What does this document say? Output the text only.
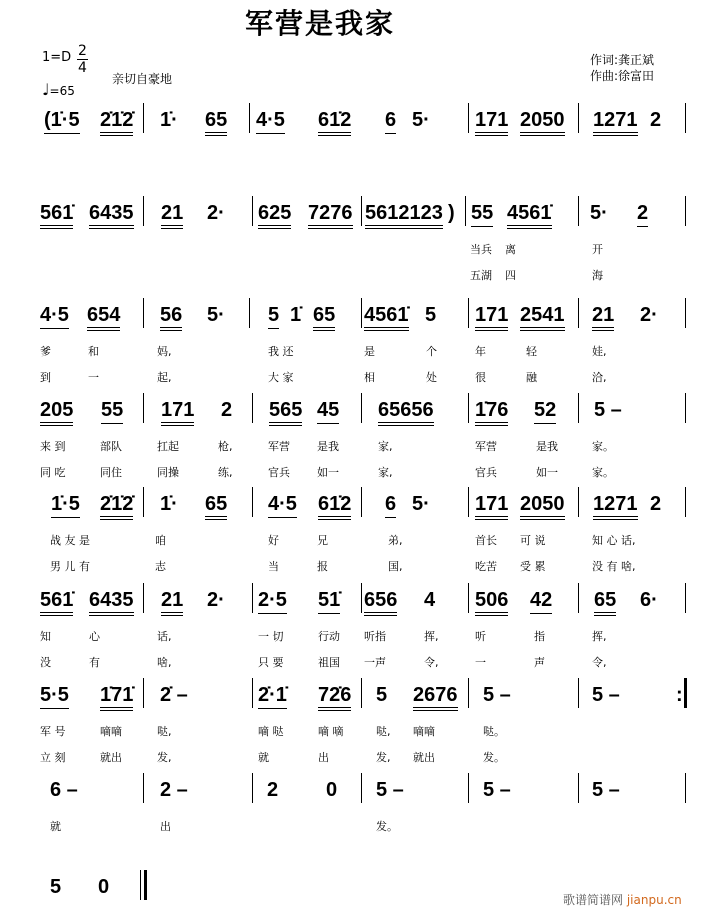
军营是我家
1=D 2
4
♩=65
亲切自豪地
作词:龚正斌
作曲:徐富田
(1̇·5 2̇1̇2̇ 1̇· 65 4·5 61̇2 6 5· 171 2050 1271 2
561̇ 6435 21 2· 625 7276 5612123 ) 55 4561̇ 5· 2
当兵 离	开
五湖 四	海
4·5 654 56 5· 5 1̇ 65 4561̇ 5 171 2541 21 2·
爹	和	妈,	我 还	是	个	年	轻	娃,
到	一	起,	大 家	相	处	很	融	洽,
205 55 171 2 565 45 65656 1̇76 52 5 –
来 到	部队	扛起	枪,	军营 是我	家,	军营	是我	家。
同 吃	同住	同操	练,	官兵 如一	家,	官兵	如一	家。
1̇·5 2̇1̇2̇ 1̇· 65 4·5 61̇2 6 5· 171 2050 1271 2
战 友 是	咱	好	兄	弟,	首长 可 说	知 心 话,
男 儿 有	志	当	报	国,	吃苦 受 累	没 有 啥,
561̇ 6435 21 2· 2·5 51̇ 656 4 506 42 65 6·
知	心	话,	一 切	行动 听指	挥,	听	指	挥,
没	有	啥,	只 要	祖国 一声	令,	一	声	令,
5·5 1̇71̇ 2̇ –	2̇·1̇ 72̇6 5 2676 5 –	5 –	:
军 号	嘀嘀	哒,	嘀 哒	嘀 嘀	哒, 嘀嘀	哒。
立 刻	就出	发,	就	出	发, 就出	发。
6 –	2 –	2 0 5 –	5 –	5 –
就	出	发。
5 0
歌谱简谱网 jianpu.cn
